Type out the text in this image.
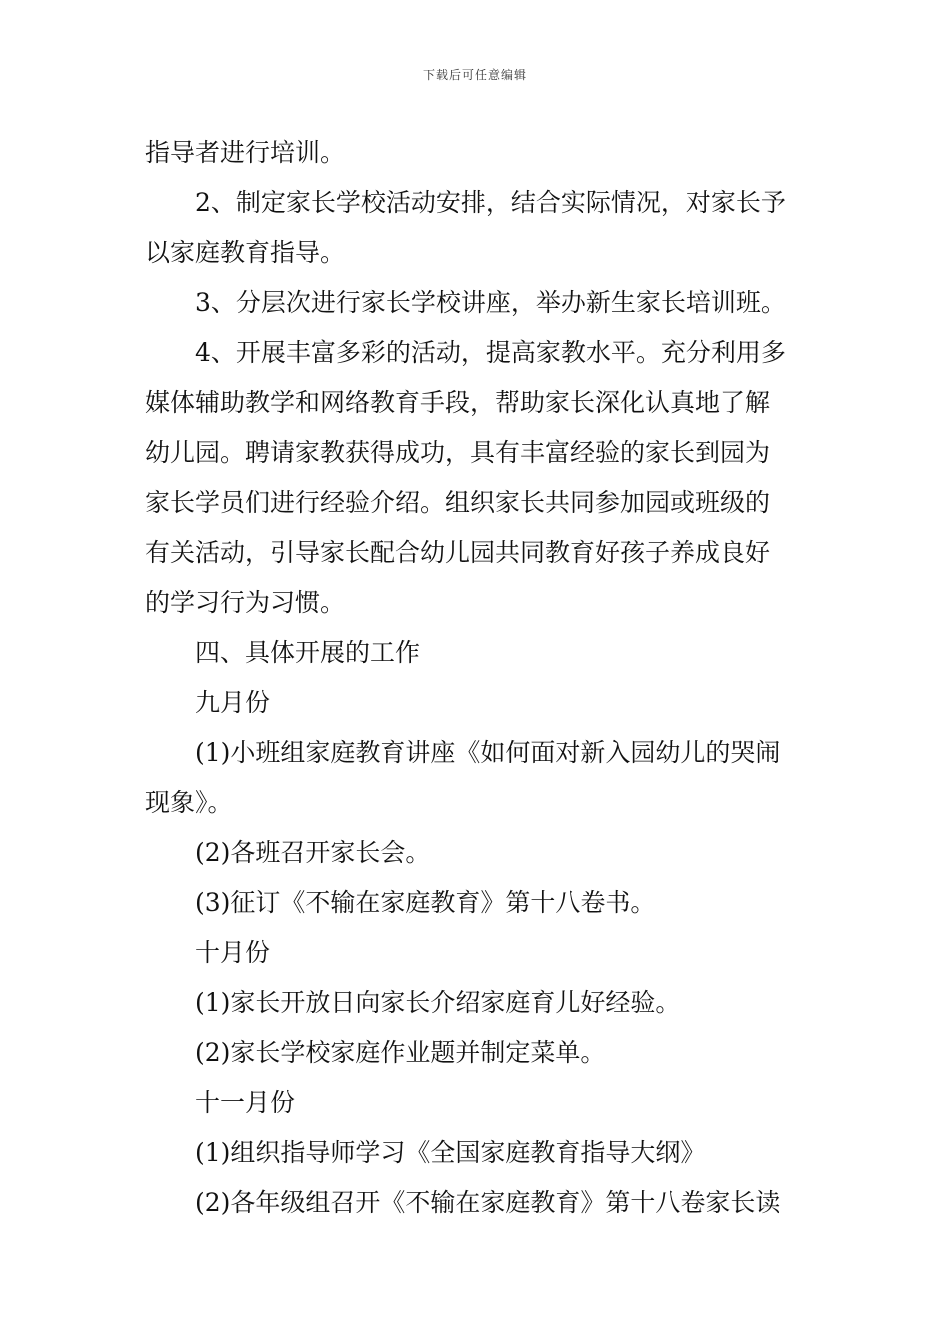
下载后可任意编辑
指导者进行培训。
2、制定家长学校活动安排，结合实际情况，对家长予
以家庭教育指导。
3、分层次进行家长学校讲座，举办新生家长培训班。
4、开展丰富多彩的活动，提高家教水平。充分利用多
媒体辅助教学和网络教育手段，帮助家长深化认真地了解
幼儿园。聘请家教获得成功，具有丰富经验的家长到园为
家长学员们进行经验介绍。组织家长共同参加园或班级的
有关活动，引导家长配合幼儿园共同教育好孩子养成良好
的学习行为习惯。
四、具体开展的工作
九月份
(1)小班组家庭教育讲座《如何面对新入园幼儿的哭闹
现象》。
(2)各班召开家长会。
(3)征订《不输在家庭教育》第十八卷书。
十月份
(1)家长开放日向家长介绍家庭育儿好经验。
(2)家长学校家庭作业题并制定菜单。
十一月份
(1)组织指导师学习《全国家庭教育指导大纲》
(2)各年级组召开《不输在家庭教育》第十八卷家长读
